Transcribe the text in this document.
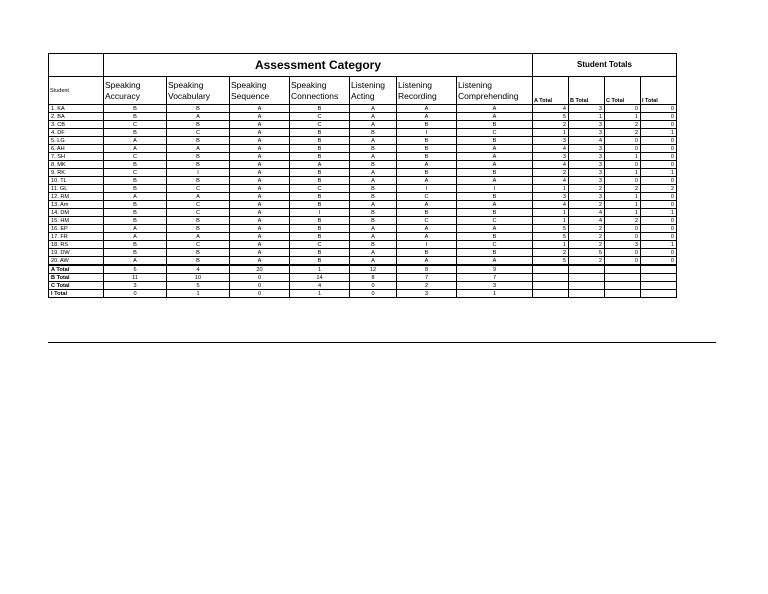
	Assessment Category							Student Totals			
Student	Speaking Accuracy	Speaking Vocabulary	Speaking Sequence	Speaking Connections	Listening Acting	Listening Recording	Listening Comprehending	A Total	B Total	C Total	I Total
1. KA	B	B	A	B	A	A	A	4	3	0	0
2. BA	B	A	A	C	A	A	A	5	1	1	0
3. CB	C	B	A	C	A	B	B	2	3	2	0
4. DF	B	C	A	B	B	I	C	1	3	2	1
5. LG	A	B	A	B	A	B	B	3	4	0	0
6. AH	A	A	A	B	B	B	A	4	3	0	0
7. SH	C	B	A	B	A	B	A	3	3	1	0
8. MK	B	B	A	A	B	A	A	4	3	0	0
9. RK	C	I	A	B	A	B	B	2	3	1	1
10. TL	B	B	A	B	A	A	A	4	3	0	0
11. GL	B	C	A	C	B	I	I	1	2	2	2
12. RM	A	A	A	B	B	C	B	3	3	1	0
13. Am	B	C	A	B	A	A	A	4	2	1	0
14. DM	B	C	A	I	B	B	B	1	4	1	1
15. HM	B	B	A	B	B	C	C	1	4	2	0
16. EP	A	B	A	B	A	A	A	5	2	0	0
17. FR	A	A	A	B	A	A	B	5	2	0	0
18. RS	B	C	A	C	B	I	C	1	2	3	1
19. DW	B	B	A	B	A	B	B	2	5	0	0
20. AW	A	B	A	B	A	A	A	5	2	0	0
A Total	6	4	20	1	12	8	9				
B Total	11	10	0	14	8	7	7				
C Total	3	5	0	4	0	2	3				
I Total	0	1	0	1	0	3	1				
